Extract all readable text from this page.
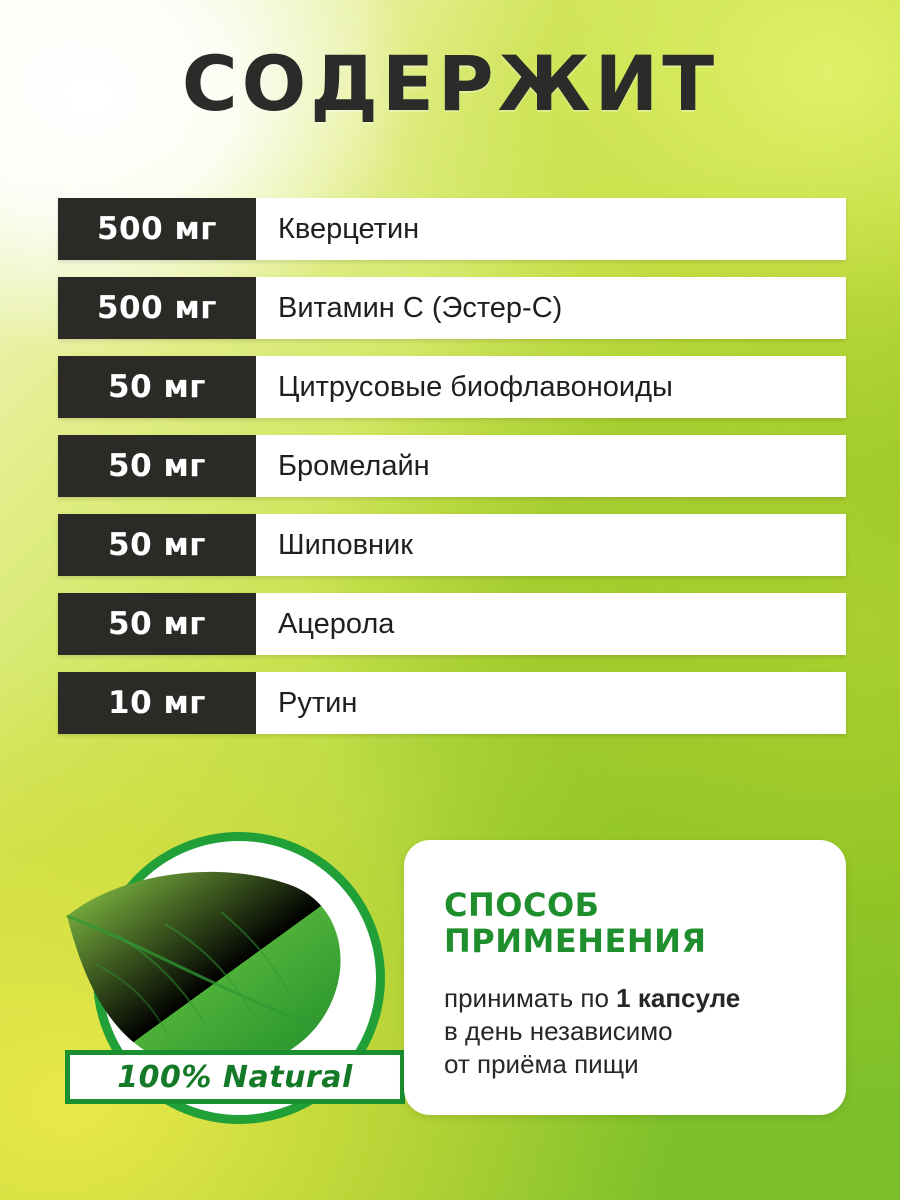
СОДЕРЖИТ
500 мг	Кверцетин
500 мг	Витамин С (Эстер-С)
50 мг	Цитрусовые биофлавоноиды
50 мг	Бромелайн
50 мг	Шиповник
50 мг	Ацерола
10 мг	Рутин
100% Natural
СПОСОБ
ПРИМЕНЕНИЯ
принимать по 1 капсуле
в день независимо
от приёма пищи
